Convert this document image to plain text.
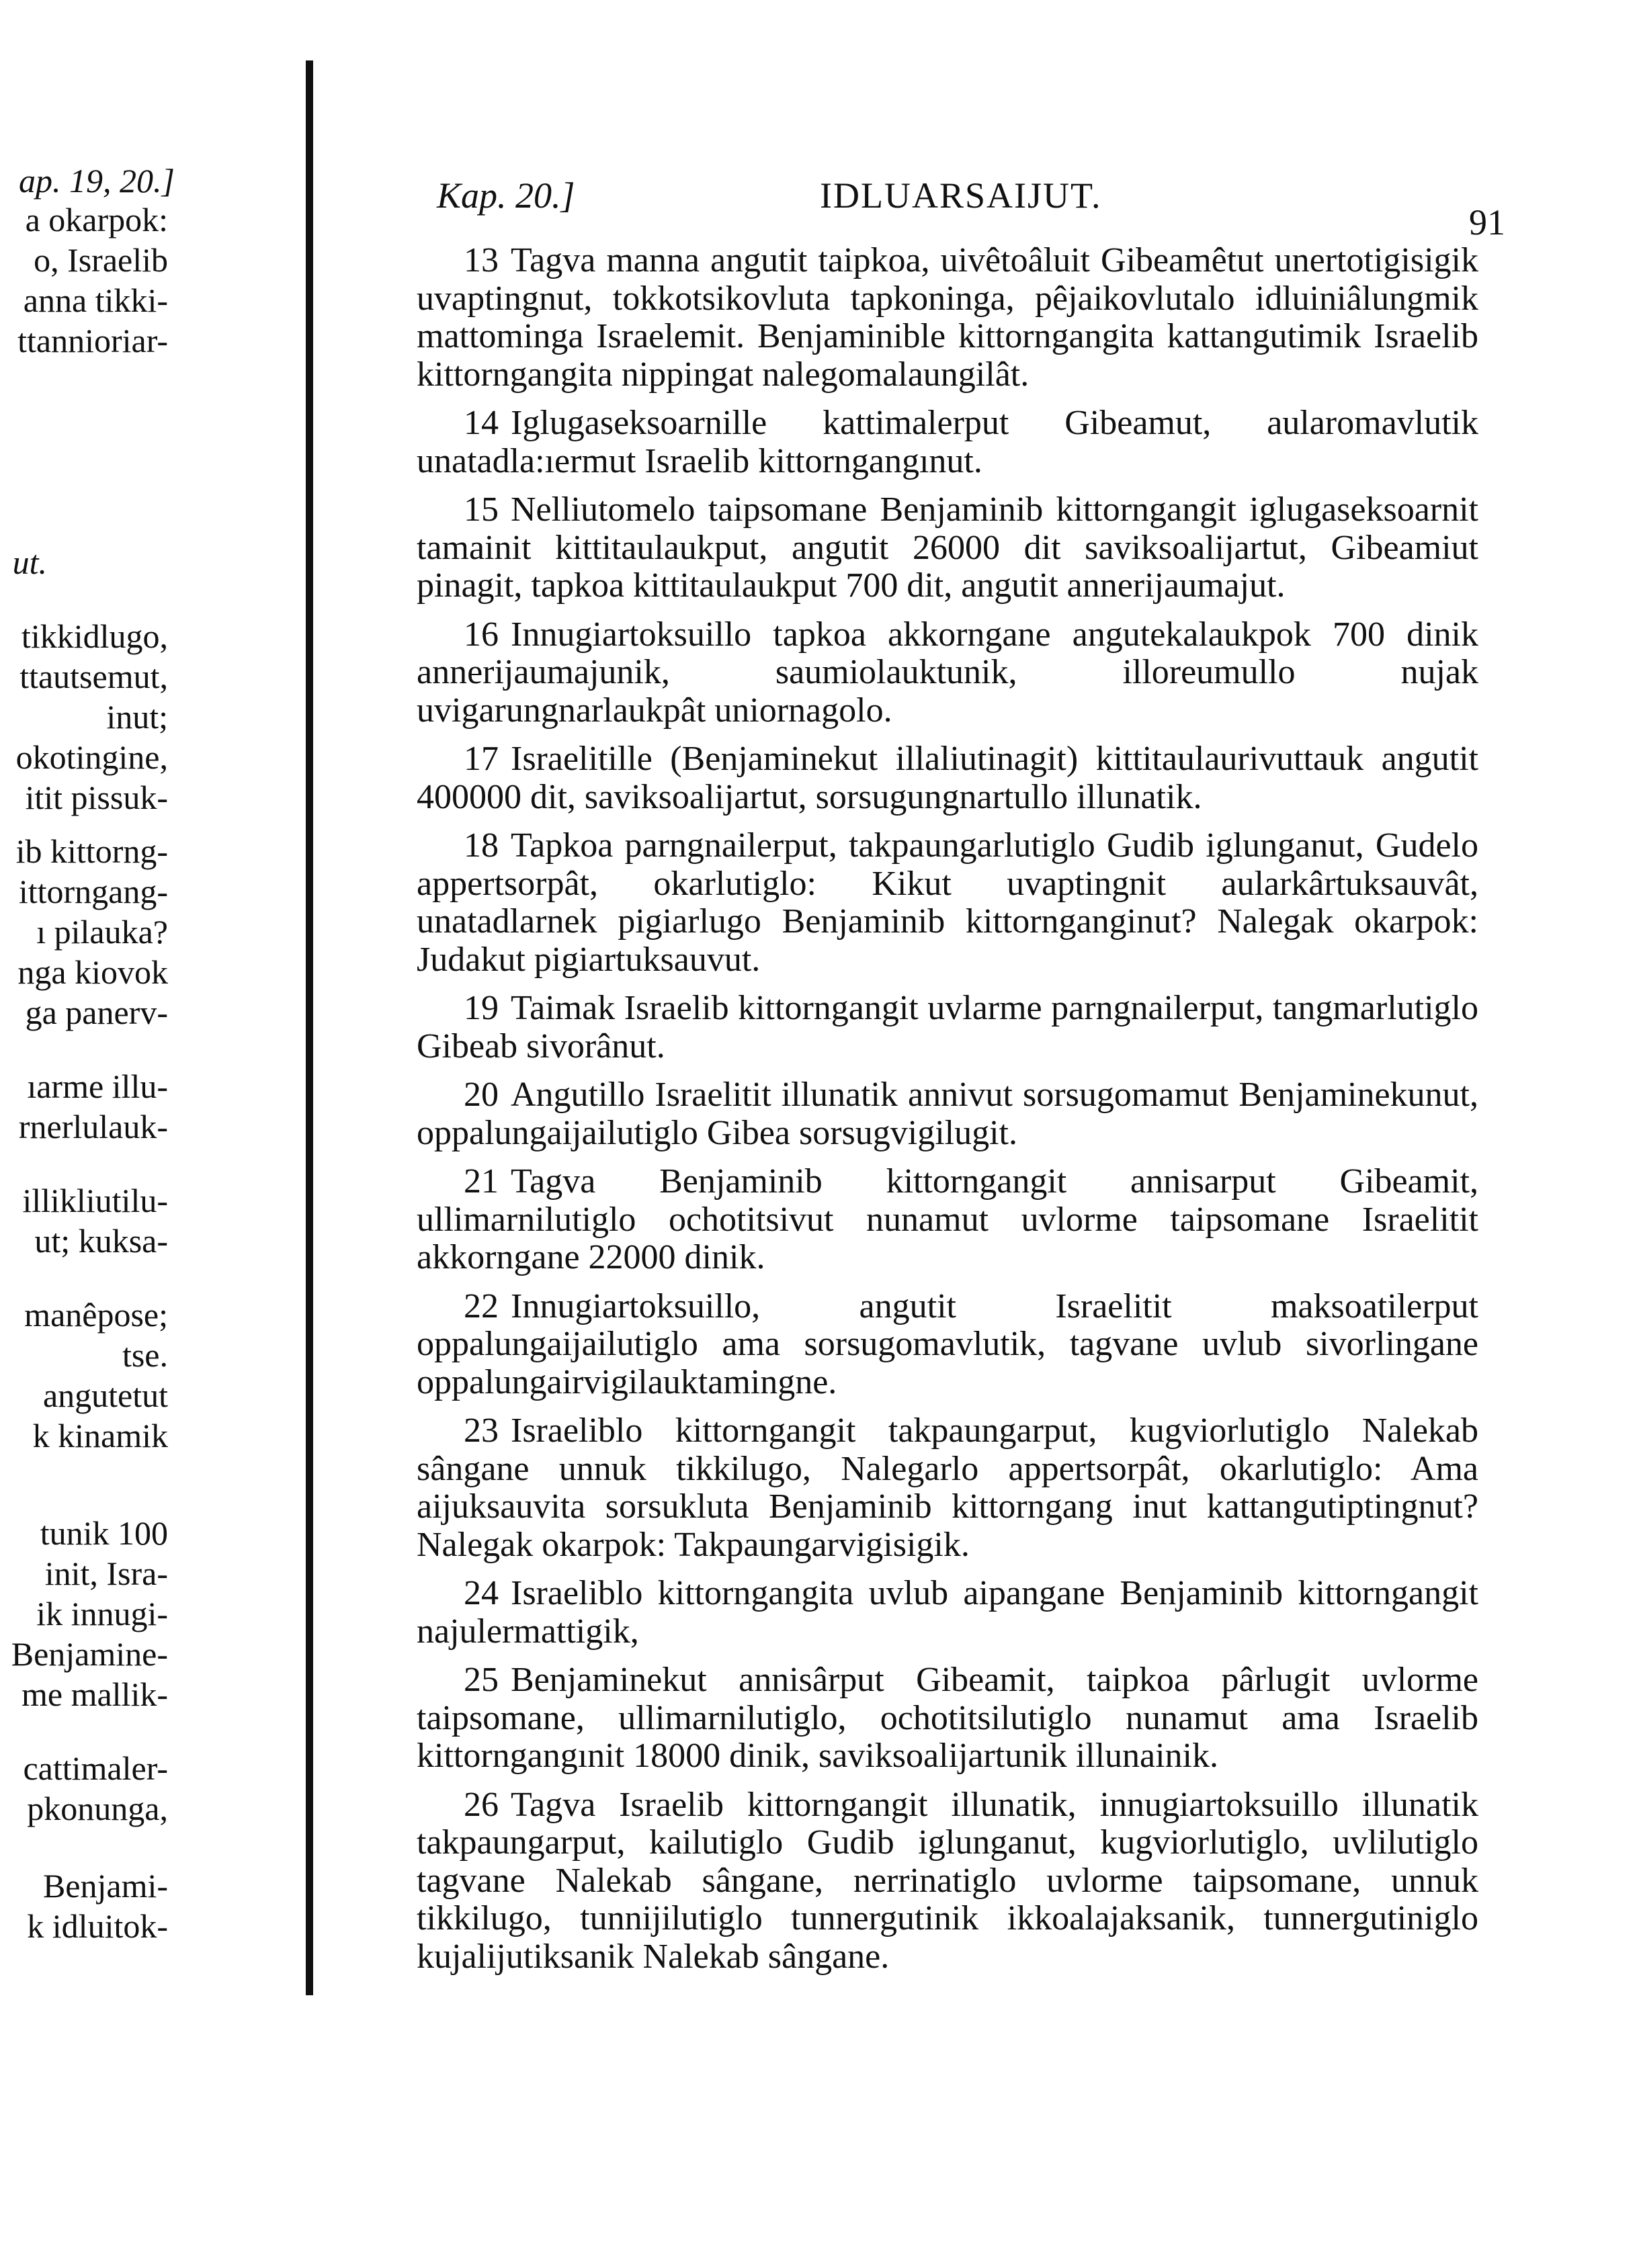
ap. 19, 20.]
ut.
a okarpok:
o, Israelib
anna tikki-
ttannioriar-
tikkidlugo,
ttautsemut,
inut;
okotingine,
itit pissuk-
ib kittorng-
ittorngang-
ı pilauka?
nga kiovok
ga panerv-
ıarme illu-
rnerlulauk-
illikliutilu-
ut; kuksa-
manêpose;
tse.
angutetut
k kinamik
tunik 100
init, Isra-
ik innugi-
Benjamine-
me mallik-
cattimaler-
pkonunga,
Benjami-
k idluitok-
Kap. 20.]	IDLUARSAIJUT.
91

13 Tagva manna angutit taipkoa, uivêtoâluit Gibeamêtut unertotigisigik uvaptingnut, tokkotsikovluta tapkoninga, pêjaikovlutalo idluiniâlungmik mattominga Israelemit. Benjaminible kittorngangita kattangutimik Israelib kittorngangita nippingat nalegomalaungilât.

14 Iglugaseksoarnille kattimalerput Gibeamut, aularomavlutik unatadla:ıermut Israelib kittorngangınut.

15 Nelliutomelo taipsomane Benjaminib kittorngangit iglugaseksoarnit tamainit kittitaulaukput, angutit 26000 dit saviksoalijartut, Gibeamiut pinagit, tapkoa kittitaulaukput 700 dit, angutit annerijaumajut.

16 Innugiartoksuillo tapkoa akkorngane angutekalaukpok 700 dinik annerijaumajunik, saumiolauktunik, illoreumullo nujak uvigarungnarlaukpât uniornagolo.

17 Israelitille (Benjaminekut illaliutinagit) kittitaulaurivuttauk angutit 400000 dit, saviksoalijartut, sorsugungnartullo illunatik.

18 Tapkoa parngnailerput, takpaungarlutiglo Gudib iglunganut, Gudelo appertsorpât, okarlutiglo: Kikut uvaptingnit aularkârtuksauvât, unatadlarnek pigiarlugo Benjaminib kittornganginut? Nalegak okarpok: Judakut pigiartuksauvut.

19 Taimak Israelib kittorngangit uvlarme parngnailerput, tangmarlutiglo Gibeab sivorânut.

20 Angutillo Israelitit illunatik annivut sorsugomamut Benjaminekunut, oppalungaijailutiglo Gibea sorsugvigilugit.

21 Tagva Benjaminib kittorngangit annisarput Gibeamit, ullimarnilutiglo ochotitsivut nunamut uvlorme taipsomane Israelitit akkorngane 22000 dinik.

22 Innugiartoksuillo, angutit Israelitit maksoatilerput oppalungaijailutiglo ama sorsugomavlutik, tagvane uvlub sivorlingane oppalungairvigilauktamingne.

23 Israeliblo kittorngangit takpaungarput, kugviorlutiglo Nalekab sângane unnuk tikkilugo, Nalegarlo appertsorpât, okarlutiglo: Ama aijuksauvita sorsukluta Benjaminib kittorngang inut kattangutiptingnut? Nalegak okarpok: Takpaungarvigisigik.

24 Israeliblo kittorngangita uvlub aipangane Benjaminib kittorngangit najulermattigik,

25 Benjaminekut annisârput Gibeamit, taipkoa pârlugit uvlorme taipsomane, ullimarnilutiglo, ochotitsilutiglo nunamut ama Israelib kittorngangınit 18000 dinik, saviksoalijartunik illunainik.

26 Tagva Israelib kittorngangit illunatik, innugiartoksuillo illunatik takpaungarput, kailutiglo Gudib iglunganut, kugviorlutiglo, uvlilutiglo tagvane Nalekab sângane, nerrinatiglo uvlorme taipsomane, unnuk tikkilugo, tunnijilutiglo tunnergutinik ikkoalajaksanik, tunnergutiniglo kujalijutiksanik Nalekab sângane.
